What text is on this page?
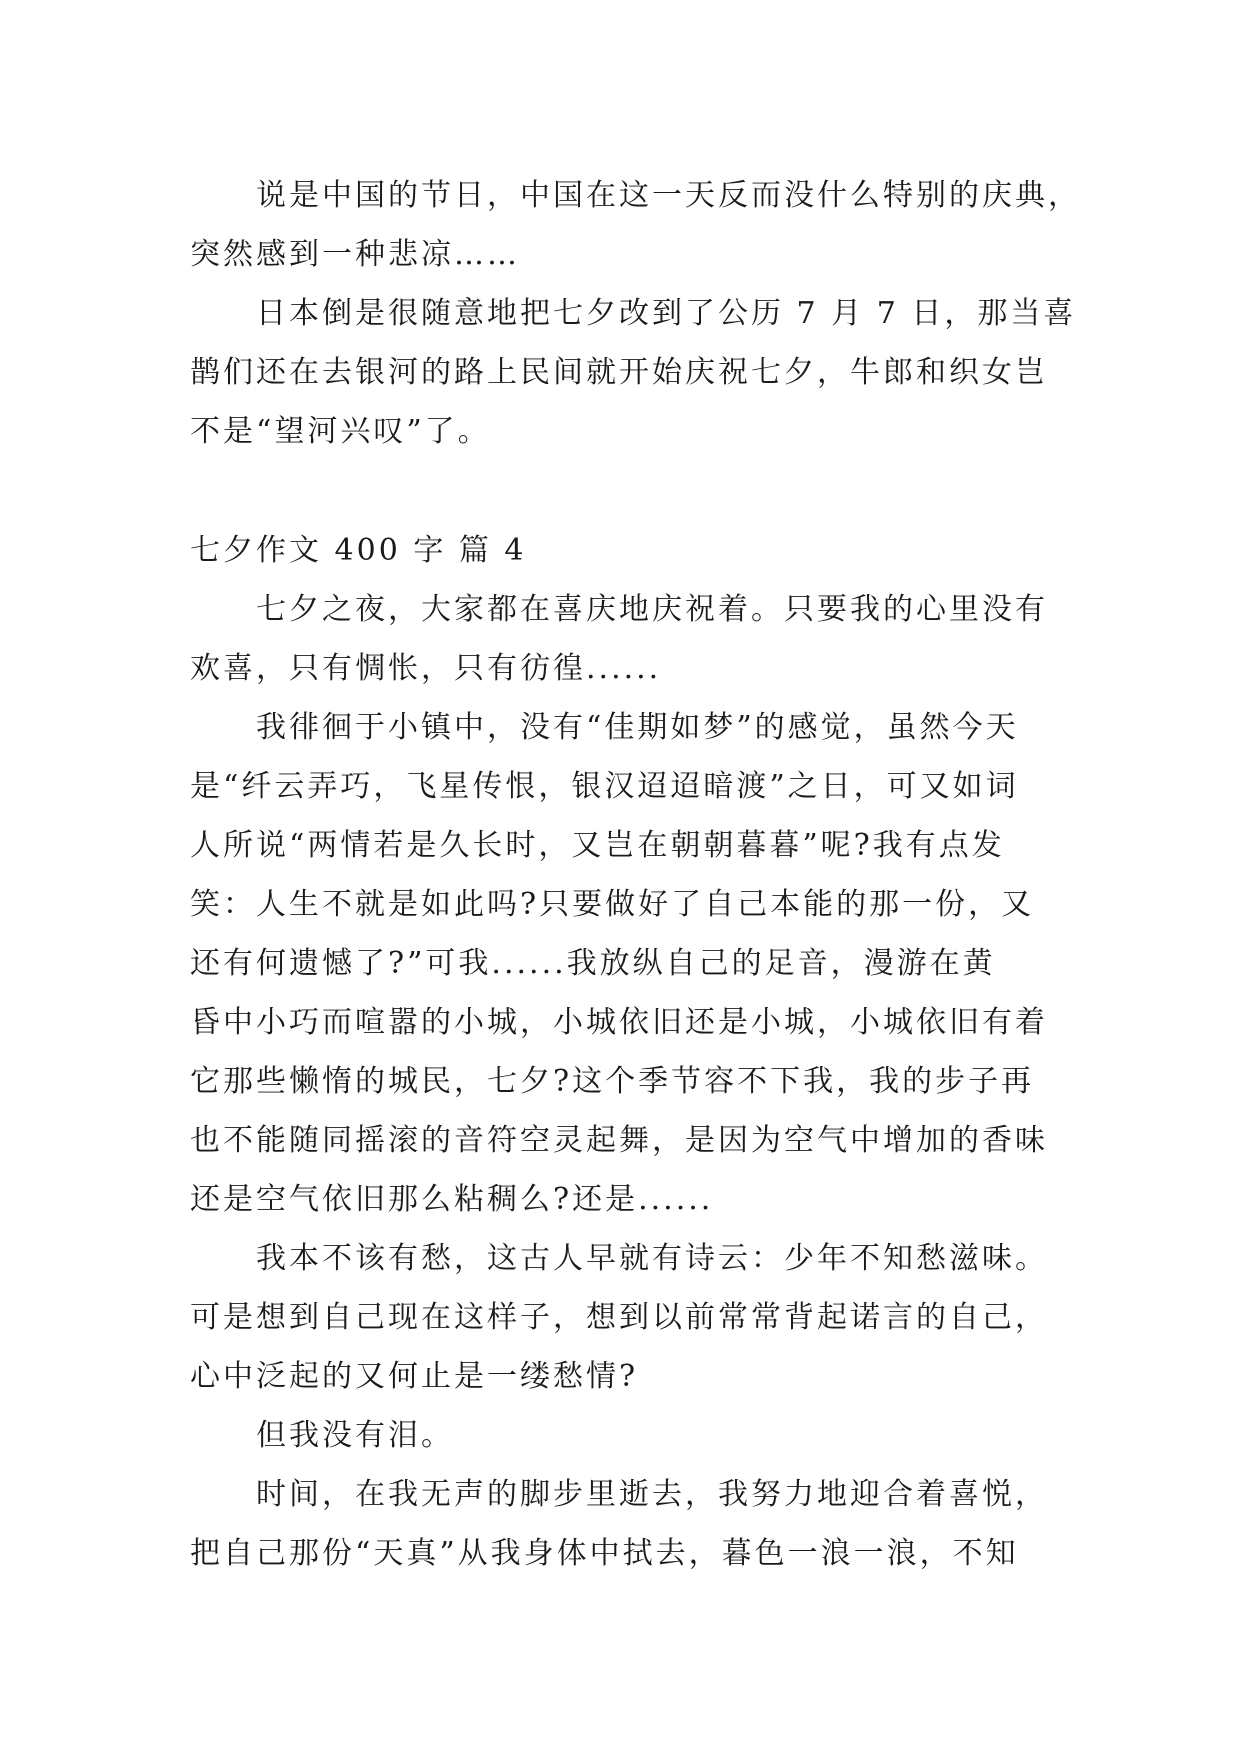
说是中国的节日，中国在这一天反而没什么特别的庆典，
突然感到一种悲凉……
日本倒是很随意地把七夕改到了公历 7 月 7 日，那当喜
鹊们还在去银河的路上民间就开始庆祝七夕，牛郎和织女岂
不是“望河兴叹”了。
七夕作文 400 字 篇 4
七夕之夜，大家都在喜庆地庆祝着。只要我的心里没有
欢喜，只有惆怅，只有彷徨......
我徘徊于小镇中，没有“佳期如梦”的感觉，虽然今天
是“纤云弄巧，飞星传恨，银汉迢迢暗渡”之日，可又如词
人所说“两情若是久长时，又岂在朝朝暮暮”呢?我有点发
笑：人生不就是如此吗?只要做好了自己本能的那一份，又
还有何遗憾了?”可我......我放纵自己的足音，漫游在黄
昏中小巧而喧嚣的小城，小城依旧还是小城，小城依旧有着
它那些懒惰的城民，七夕?这个季节容不下我，我的步子再
也不能随同摇滚的音符空灵起舞，是因为空气中增加的香味
还是空气依旧那么粘稠么?还是......
我本不该有愁，这古人早就有诗云：少年不知愁滋味。
可是想到自己现在这样子，想到以前常常背起诺言的自己，
心中泛起的又何止是一缕愁情?
但我没有泪。
时间，在我无声的脚步里逝去，我努力地迎合着喜悦，
把自己那份“天真”从我身体中拭去，暮色一浪一浪，不知
